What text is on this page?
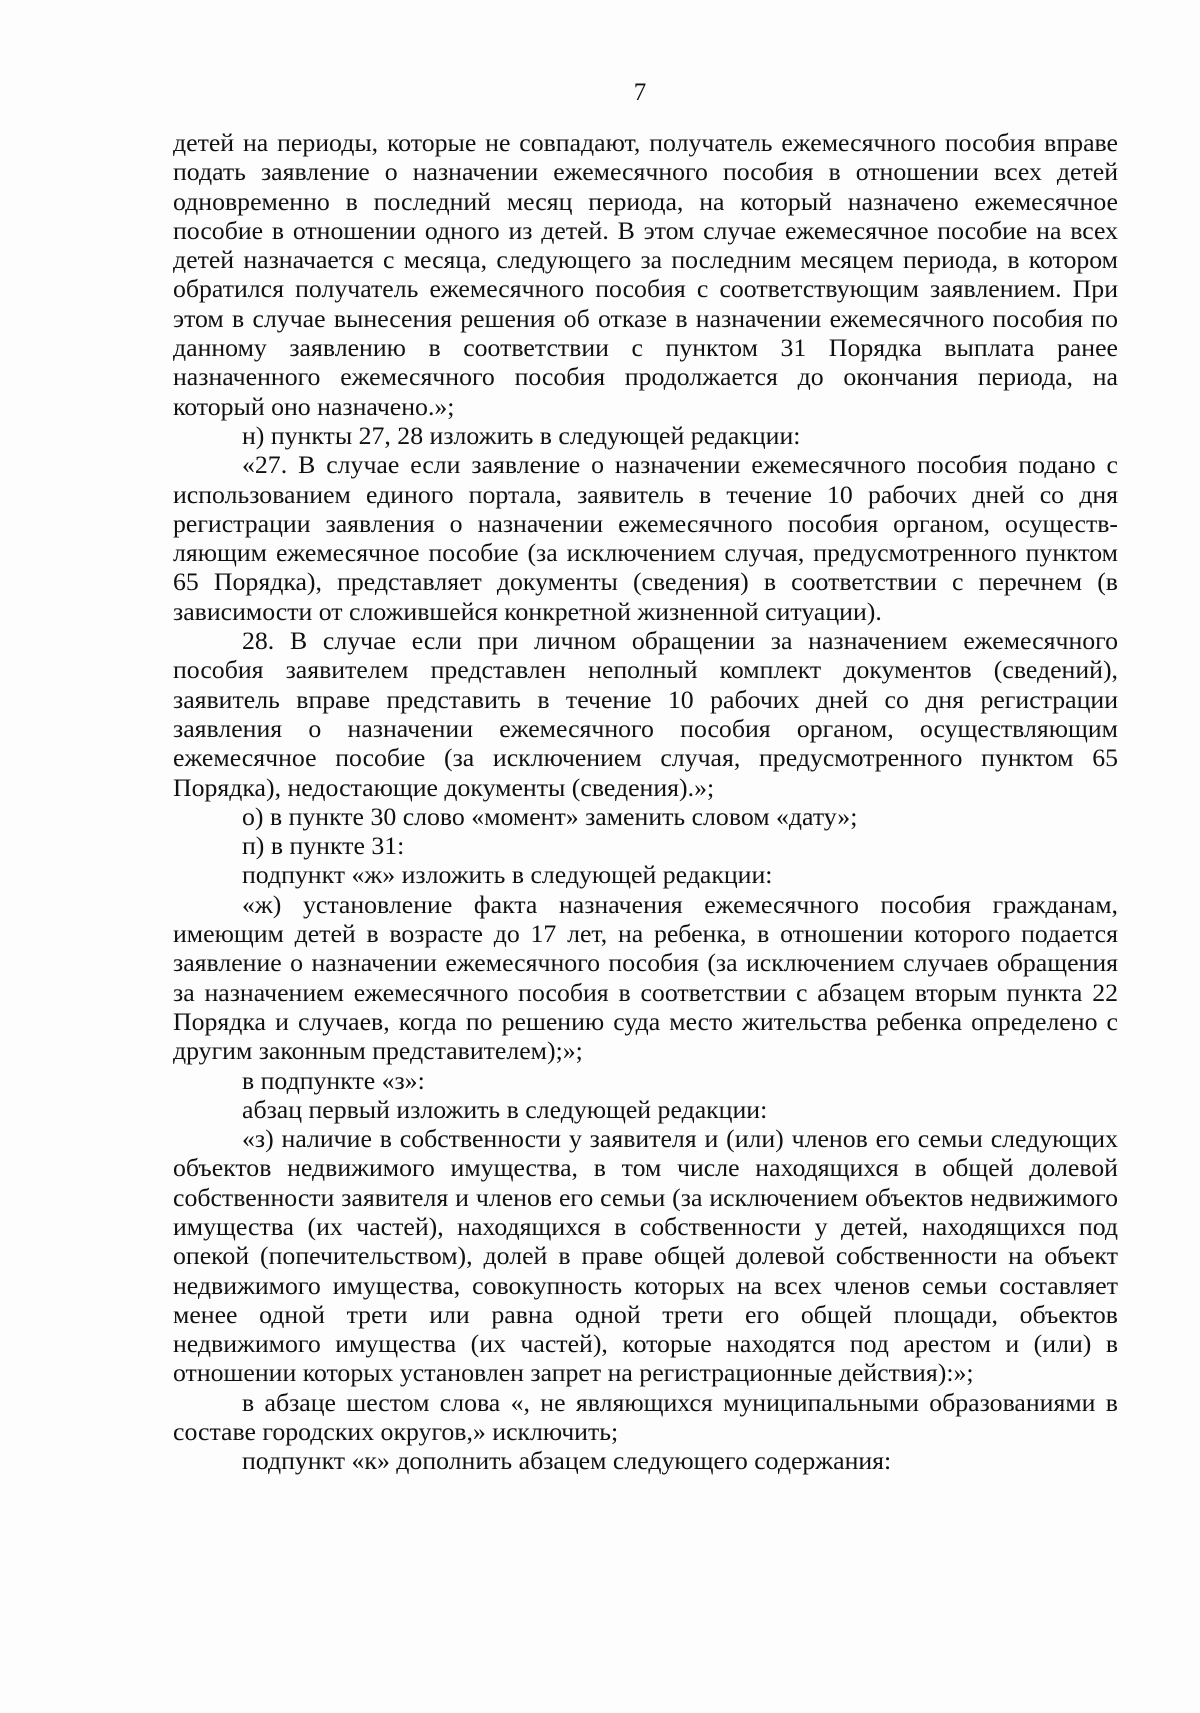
7

детей на периоды, которые не совпадают, получатель ежемесячного пособия вправе подать заявление о назначении ежемесячного пособия в отношении всех детей одновременно в последний месяц периода, на который назначено ежемесячное пособие в отношении одного из детей. В этом случае ежемесячное пособие на всех детей назначается с месяца, следующего за последним месяцем периода, в котором обратился получатель ежемесячного пособия с соответствующим заявлением. При этом в случае вынесения решения об отказе в назначении ежемесячного пособия по данному заявлению в соответствии с пунктом 31 Порядка выплата ранее назначенного ежемесячного пособия продолжается до окончания периода, на который оно назначено.»;

н) пункты 27, 28 изложить в следующей редакции:

«27. В случае если заявление о назначении ежемесячного пособия подано с использованием единого портала, заявитель в течение 10 рабочих дней со дня регистрации заявления о назначении ежемесячного пособия органом, осуществляющим ежемесячное пособие (за исключением случая, предусмотренного пунктом 65 Порядка), представляет документы (сведения) в соответствии с перечнем (в зависимости от сложившейся конкретной жизненной ситуации).

28. В случае если при личном обращении за назначением ежемесячного пособия заявителем представлен неполный комплект документов (сведений), заявитель вправе представить в течение 10 рабочих дней со дня регистрации заявления о назначении ежемесячного пособия органом, осуществляющим ежемесячное пособие (за исключением случая, предусмотренного пунктом 65 Порядка), недостающие документы (сведения).»;

о) в пункте 30 слово «момент» заменить словом «дату»;

п) в пункте 31:

подпункт «ж» изложить в следующей редакции:

«ж) установление факта назначения ежемесячного пособия гражданам, имеющим детей в возрасте до 17 лет, на ребенка, в отношении которого подается заявление о назначении ежемесячного пособия (за исключением случаев обращения за назначением ежемесячного пособия в соответствии с абзацем вторым пункта 22 Порядка и случаев, когда по решению суда место жительства ребенка определено с другим законным представителем);»;

в подпункте «з»:

абзац первый изложить в следующей редакции:

«з) наличие в собственности у заявителя и (или) членов его семьи следующих объектов недвижимого имущества, в том числе находящихся в общей долевой собственности заявителя и членов его семьи (за исключением объектов недвижимого имущества (их частей), находящихся в собственности у детей, находящихся под опекой (попечительством), долей в праве общей долевой собственности на объект недвижимого имущества, совокупность которых на всех членов семьи составляет менее одной трети или равна одной трети его общей площади, объектов недвижимого имущества (их частей), которые находятся под арестом и (или) в отношении которых установлен запрет на регистрационные действия):»;

в абзаце шестом слова «, не являющихся муниципальными образованиями в составе городских округов,» исключить;

подпункт «к» дополнить абзацем следующего содержания:
